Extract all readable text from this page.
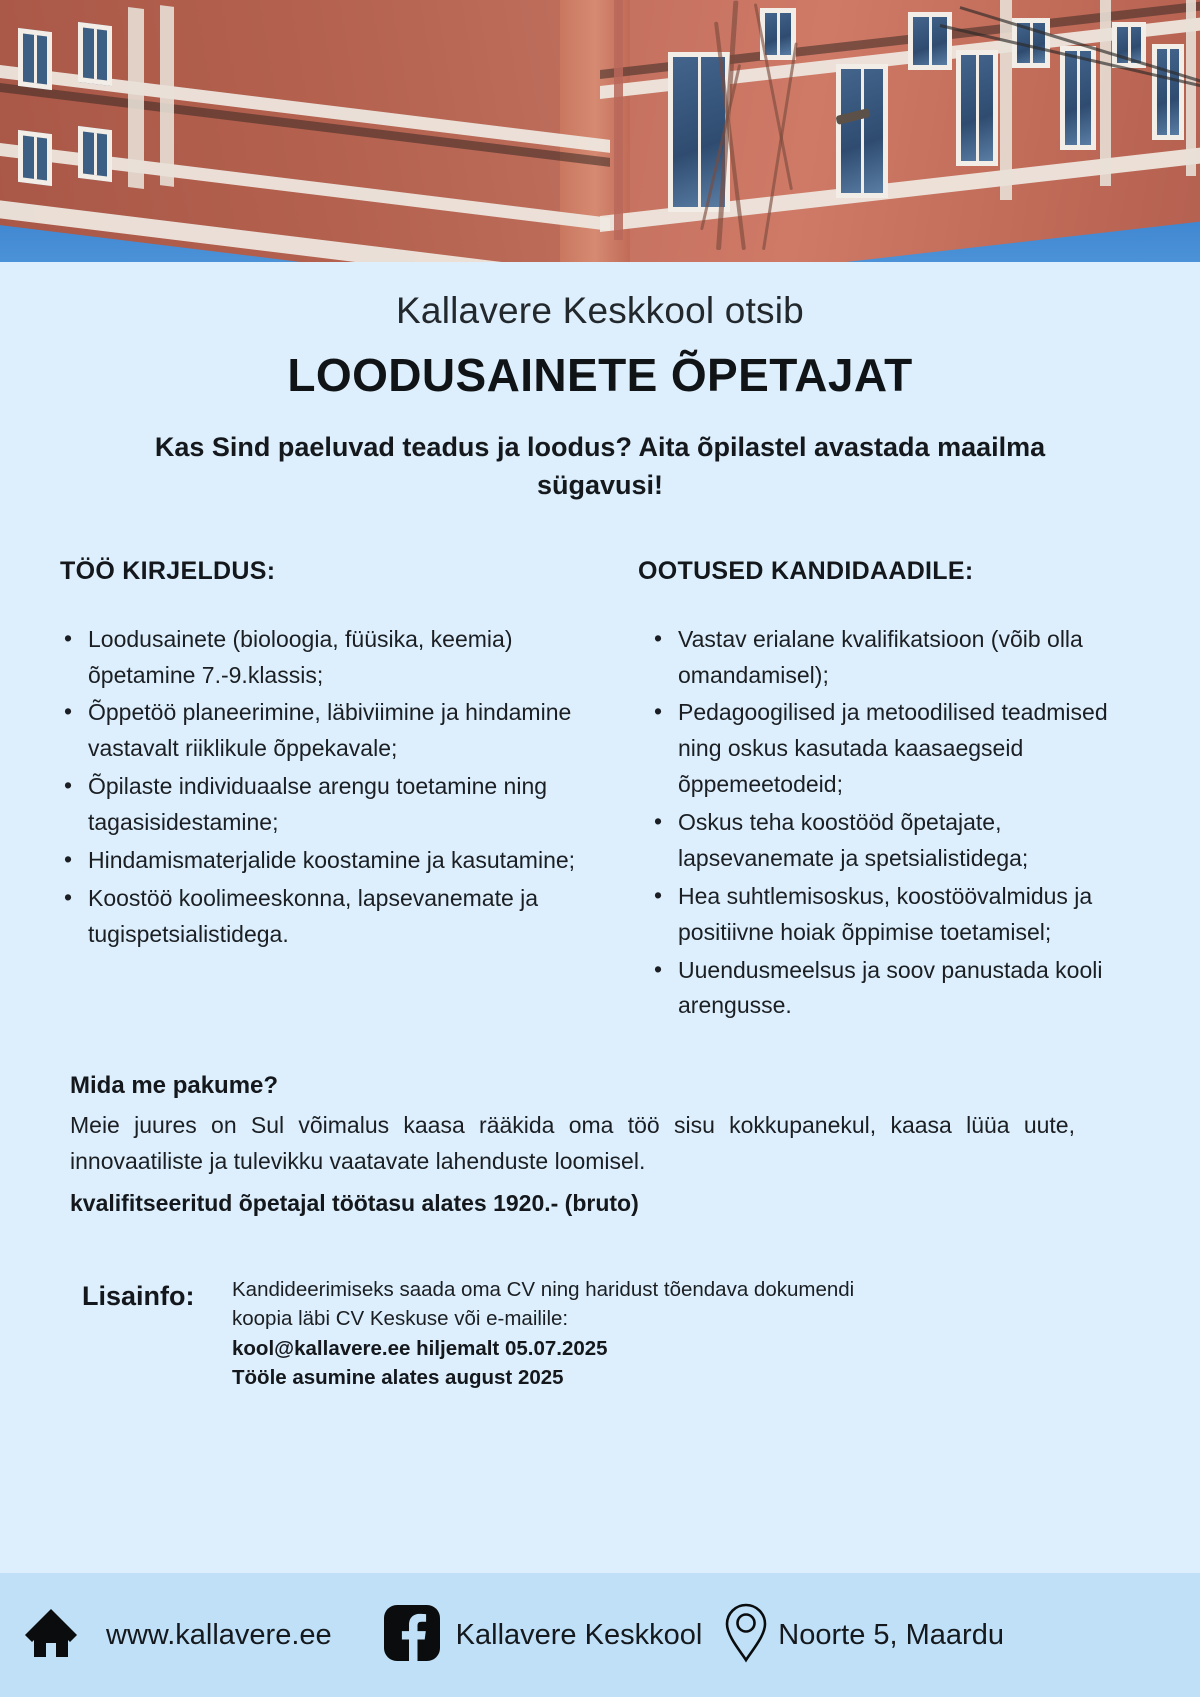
Kallavere Keskkool otsib
LOODUSAINETE ÕPETAJAT
Kas Sind paeluvad teadus ja loodus? Aita õpilastel avastada maailma sügavusi!
TÖÖ KIRJELDUS:
• Loodusainete (bioloogia, füüsika, keemia) õpetamine 7.-9.klassis;
• Õppetöö planeerimine, läbiviimine ja hindamine vastavalt riiklikule õppekavale;
• Õpilaste individuaalse arengu toetamine ning tagasisidestamine;
• Hindamismaterjalide koostamine ja kasutamine;
• Koostöö koolimeeskonna, lapsevanemate ja tugispetsialistidega.
OOTUSED KANDIDAADILE:
• Vastav erialane kvalifikatsioon (võib olla omandamisel);
• Pedagoogilised ja metoodilised teadmised ning oskus kasutada kaasaegseid õppemeetodeid;
• Oskus teha koostööd õpetajate, lapsevanemate ja spetsialistidega;
• Hea suhtlemisoskus, koostöövalmidus ja positiivne hoiak õppimise toetamisel;
• Uuendusmeelsus ja soov panustada kooli arengusse.
Mida me pakume?

Meie juures on Sul võimalus kaasa rääkida oma töö sisu kokkupanekul, kaasa lüüa uute, innovaatiliste ja tulevikku vaatavate lahenduste loomisel.

kvalifitseeritud õpetajal töötasu alates 1920.- (bruto)

Lisainfo:	Kandideerimiseks saada oma CV ning haridust tõendava dokumendi
koopia läbi CV Keskuse või e-mailile:
kool@kallavere.ee hiljemalt 05.07.2025
Tööle asumine alates august 2025
www.kallavere.ee	Kallavere Keskkool	Noorte 5, Maardu
